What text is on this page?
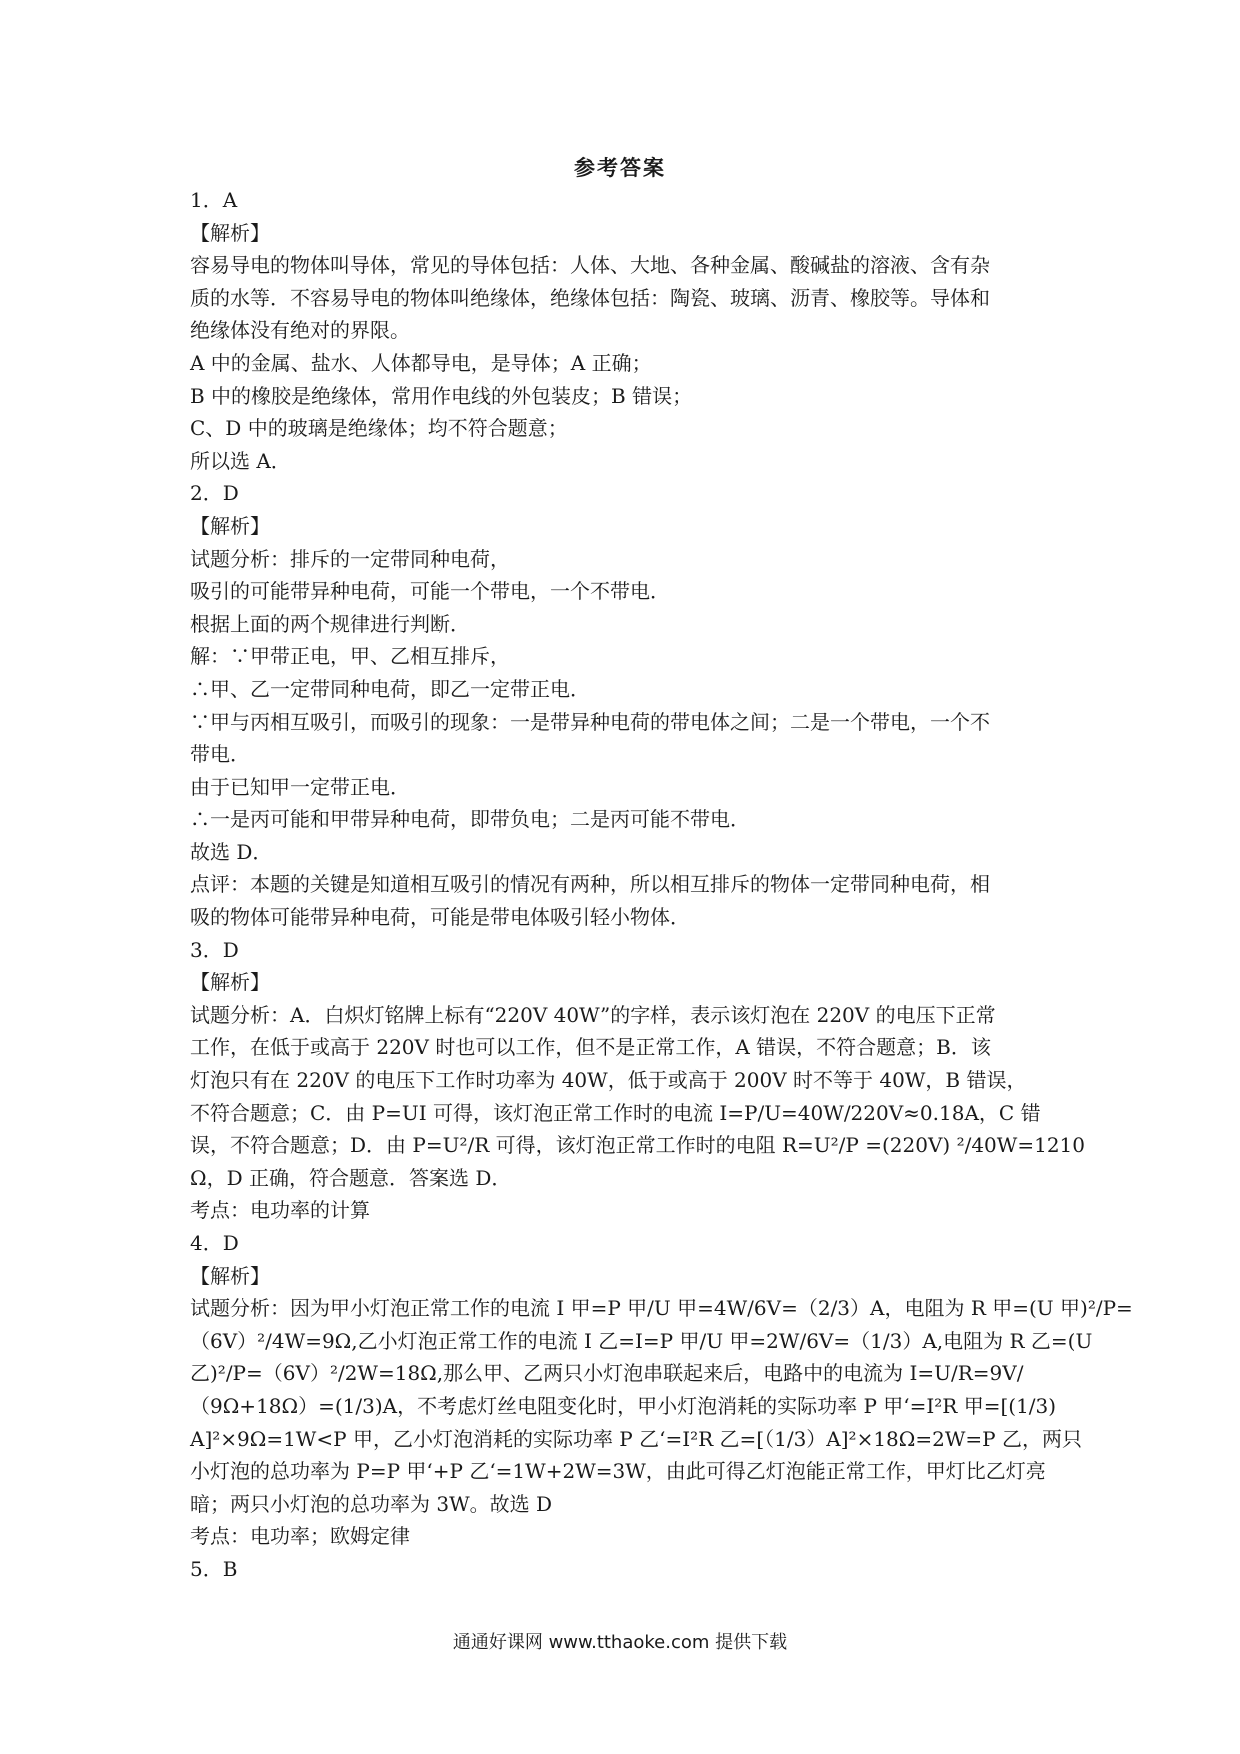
参考答案
1．A
【解析】
容易导电的物体叫导体，常见的导体包括：人体、大地、各种金属、酸碱盐的溶液、含有杂
质的水等．不容易导电的物体叫绝缘体，绝缘体包括：陶瓷、玻璃、沥青、橡胶等。导体和
绝缘体没有绝对的界限。
A 中的金属、盐水、人体都导电，是导体；A 正确；
B 中的橡胶是绝缘体，常用作电线的外包装皮；B 错误；
C、D 中的玻璃是绝缘体；均不符合题意；
所以选 A．
2．D
【解析】
试题分析：排斥的一定带同种电荷，
吸引的可能带异种电荷，可能一个带电，一个不带电．
根据上面的两个规律进行判断．
解：∵甲带正电，甲、乙相互排斥，
∴甲、乙一定带同种电荷，即乙一定带正电．
∵甲与丙相互吸引，而吸引的现象：一是带异种电荷的带电体之间；二是一个带电，一个不
带电．
由于已知甲一定带正电．
∴一是丙可能和甲带异种电荷，即带负电；二是丙可能不带电．
故选 D．
点评：本题的关键是知道相互吸引的情况有两种，所以相互排斥的物体一定带同种电荷，相
吸的物体可能带异种电荷，可能是带电体吸引轻小物体．
3．D
【解析】
试题分析：A．白炽灯铭牌上标有“220V 40W”的字样，表示该灯泡在 220V 的电压下正常
工作，在低于或高于 220V 时也可以工作，但不是正常工作，A 错误，不符合题意；B．该
灯泡只有在 220V 的电压下工作时功率为 40W，低于或高于 200V 时不等于 40W，B 错误，
不符合题意；C．由 P=UI 可得，该灯泡正常工作时的电流 I=P/U=40W/220V≈0.18A，C 错
误，不符合题意；D．由 P=U²/R 可得，该灯泡正常工作时的电阻 R=U²/P =(220V) ²/40W=1210
Ω，D 正确，符合题意．答案选 D．
考点：电功率的计算
4．D
【解析】
试题分析：因为甲小灯泡正常工作的电流 I 甲=P 甲/U 甲=4W/6V=（2/3）A，电阻为 R 甲=(U 甲)²/P=
（6V）²/4W=9Ω,乙小灯泡正常工作的电流 I 乙=I=P 甲/U 甲=2W/6V=（1/3）A,电阻为 R 乙=(U
乙)²/P=（6V）²/2W=18Ω,那么甲、乙两只小灯泡串联起来后，电路中的电流为 I=U/R=9V/
（9Ω+18Ω）=(1/3)A，不考虑灯丝电阻变化时，甲小灯泡消耗的实际功率 P 甲‘=I²R 甲=[(1/3)
A]²×9Ω=1W<P 甲，乙小灯泡消耗的实际功率 P 乙‘=I²R 乙=[（1/3）A]²×18Ω=2W=P 乙，两只
小灯泡的总功率为 P=P 甲‘+P 乙‘=1W+2W=3W，由此可得乙灯泡能正常工作，甲灯比乙灯亮
暗；两只小灯泡的总功率为 3W。故选 D
考点：电功率；欧姆定律
5．B
通通好课网 www.tthaoke.com 提供下载
